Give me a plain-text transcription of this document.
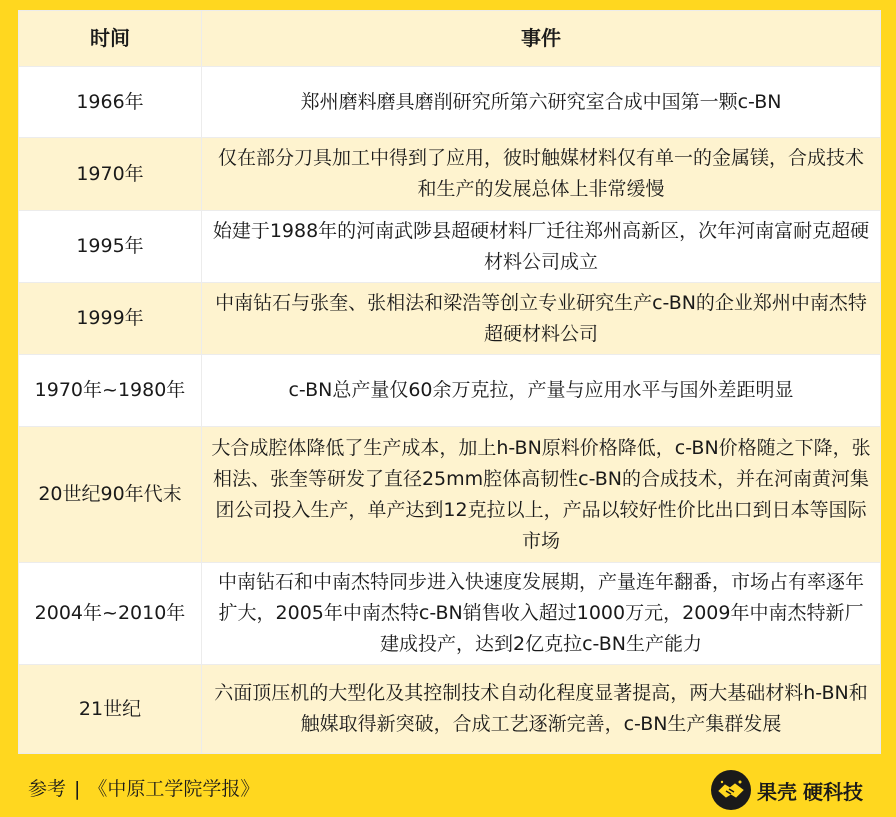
时间	事件
1966年	郑州磨料磨具磨削研究所第六研究室合成中国第一颗c-BN
1970年	仅在部分刀具加工中得到了应用，彼时触媒材料仅有单一的金属镁，合成技术和生产的发展总体上非常缓慢
1995年	始建于1988年的河南武陟县超硬材料厂迁往郑州高新区，次年河南富耐克超硬材料公司成立
1999年	中南钻石与张奎、张相法和梁浩等创立专业研究生产c-BN的企业郑州中南杰特超硬材料公司
1970年~1980年	c-BN总产量仅60余万克拉，产量与应用水平与国外差距明显
20世纪90年代末	大合成腔体降低了生产成本，加上h-BN原料价格降低，c-BN价格随之下降，张相法、张奎等研发了直径25mm腔体高韧性c-BN的合成技术，并在河南黄河集团公司投入生产，单产达到12克拉以上，产品以较好性价比出口到日本等国际市场
2004年~2010年	中南钻石和中南杰特同步进入快速度发展期，产量连年翻番，市场占有率逐年扩大，2005年中南杰特c-BN销售收入超过1000万元，2009年中南杰特新厂建成投产，达到2亿克拉c-BN生产能力
21世纪	六面顶压机的大型化及其控制技术自动化程度显著提高，两大基础材料h-BN和触媒取得新突破，合成工艺逐渐完善，c-BN生产集群发展
参考 | 《中原工学院学报》	果壳 硬科技
